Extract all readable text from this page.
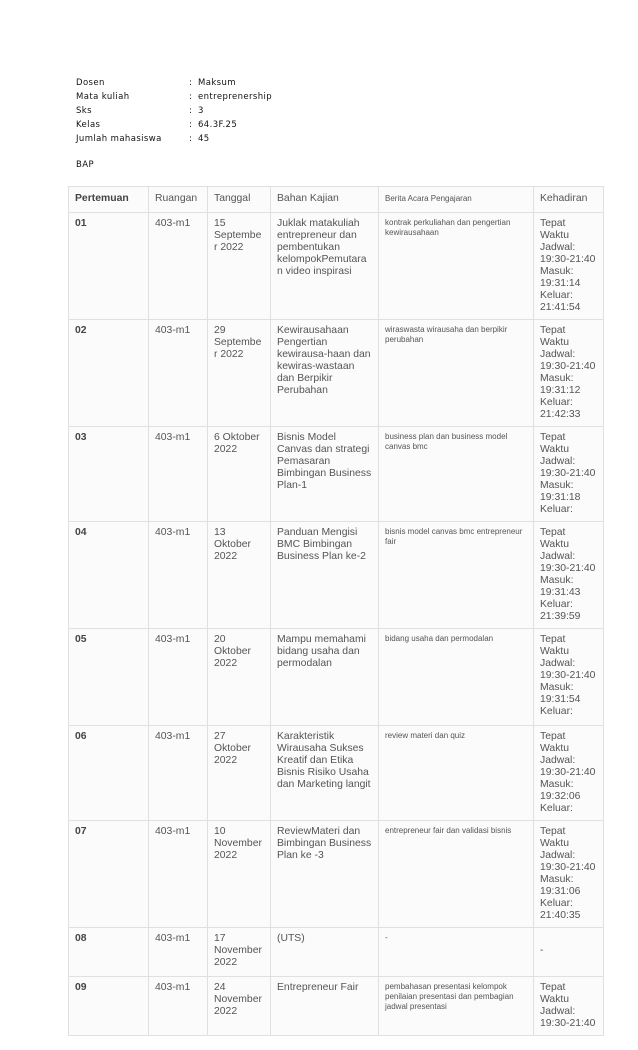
Dosen	: Maksum
Mata kuliah	: entreprenership
Sks	: 3
Kelas	: 64.3F.25
Jumlah mahasiswa	: 45
BAP
Pertemuan	Ruangan	Tanggal	Bahan Kajian	Berita Acara Pengajaran	Kehadiran
01	403-m1	15 September 2022	Juklak matakuliah entrepreneur dan pembentukan kelompokPemutaran video inspirasi	kontrak perkuliahan dan pengertian kewirausahaan	Tepat Waktu
Jadwal: 19:30-21:40
Masuk: 19:31:14
Keluar: 21:41:54

02	403-m1	29 September 2022	Kewirausahaan Pengertian kewirausa-haan dan kewiras-wastaan dan Berpikir Perubahan	wiraswasta wirausaha dan berpikir perubahan	Tepat Waktu
Jadwal: 19:30-21:40
Masuk: 19:31:12
Keluar: 21:42:33

03	403-m1	6 Oktober 2022	Bisnis Model Canvas dan strategi Pemasaran Bimbingan Business Plan-1	business plan dan business model canvas bmc	Tepat Waktu
Jadwal: 19:30-21:40
Masuk: 19:31:18
Keluar:

04	403-m1	13 Oktober 2022	Panduan Mengisi BMC Bimbingan Business Plan ke-2	bisnis model canvas bmc entrepreneur fair	Tepat Waktu
Jadwal: 19:30-21:40
Masuk: 19:31:43
Keluar: 21:39:59

05	403-m1	20 Oktober 2022	Mampu memahami bidang usaha dan permodalan	bidang usaha dan permodalan	Tepat Waktu
Jadwal: 19:30-21:40
Masuk: 19:31:54
Keluar:

06	403-m1	27 Oktober 2022	Karakteristik Wirausaha Sukses Kreatif dan Etika Bisnis Risiko Usaha dan Marketing langit	review materi dan quiz	Tepat Waktu
Jadwal: 19:30-21:40
Masuk: 19:32:06
Keluar:

07	403-m1	10 November 2022	ReviewMateri dan Bimbingan Business Plan ke -3	entrepreneur fair dan validasi bisnis	Tepat Waktu
Jadwal: 19:30-21:40
Masuk: 19:31:06
Keluar: 21:40:35

08	403-m1	17 November 2022	(UTS)	-	-

09	403-m1	24 November 2022	Entrepreneur Fair	pembahasan presentasi kelompok penilaian presentasi dan pembagian jadwal presentasi	Tepat Waktu
Jadwal: 19:30-21:40
